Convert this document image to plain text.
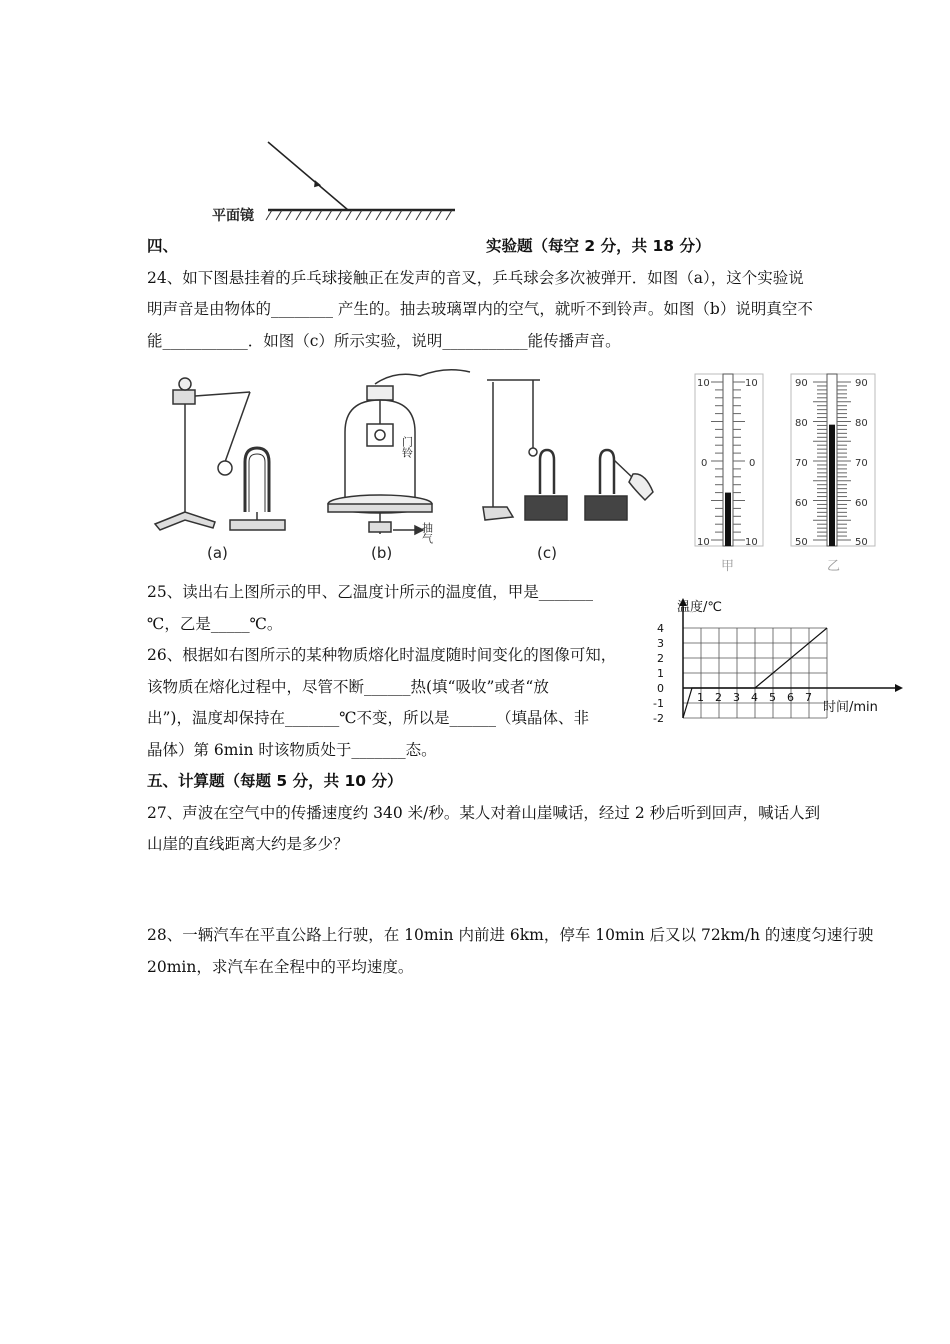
平面镜
四、	实验题（每空 2 分，共 18 分）
24、如下图悬挂着的乒乓球接触正在发声的音叉，乒乓球会多次被弹开．如图（a），这个实验说
明声音是由物体的________ 产生的。抽去玻璃罩内的空气，就听不到铃声。如图（b）说明真空不
能___________．如图（c）所示实验，说明___________能传播声音。
(a)
门铃
抽气
(b)	(c)
10	10
0	0
10	10
甲
90	90
80	80
70	70
60	60
50	50
乙
25、读出右上图所示的甲、乙温度计所示的温度值，甲是_______
℃，乙是_____℃。
26、根据如右图所示的某种物质熔化时温度随时间变化的图像可知，
该物质在熔化过程中，尽管不断______热(填“吸收”或者“放
出”)，温度却保持在_______℃不变，所以是______（填晶体、非
晶体）第 6min 时该物质处于_______态。
1 2 3 4 5 6 7
4
3
2
1
0
-1
-2
温度/℃
时间/min
五、计算题（每题 5 分，共 10 分）
27、声波在空气中的传播速度约 340 米/秒。某人对着山崖喊话，经过 2 秒后听到回声，喊话人到
山崖的直线距离大约是多少？
28、一辆汽车在平直公路上行驶，在 10min 内前进 6km，停车 10min 后又以 72km/h 的速度匀速行驶
20min，求汽车在全程中的平均速度。
